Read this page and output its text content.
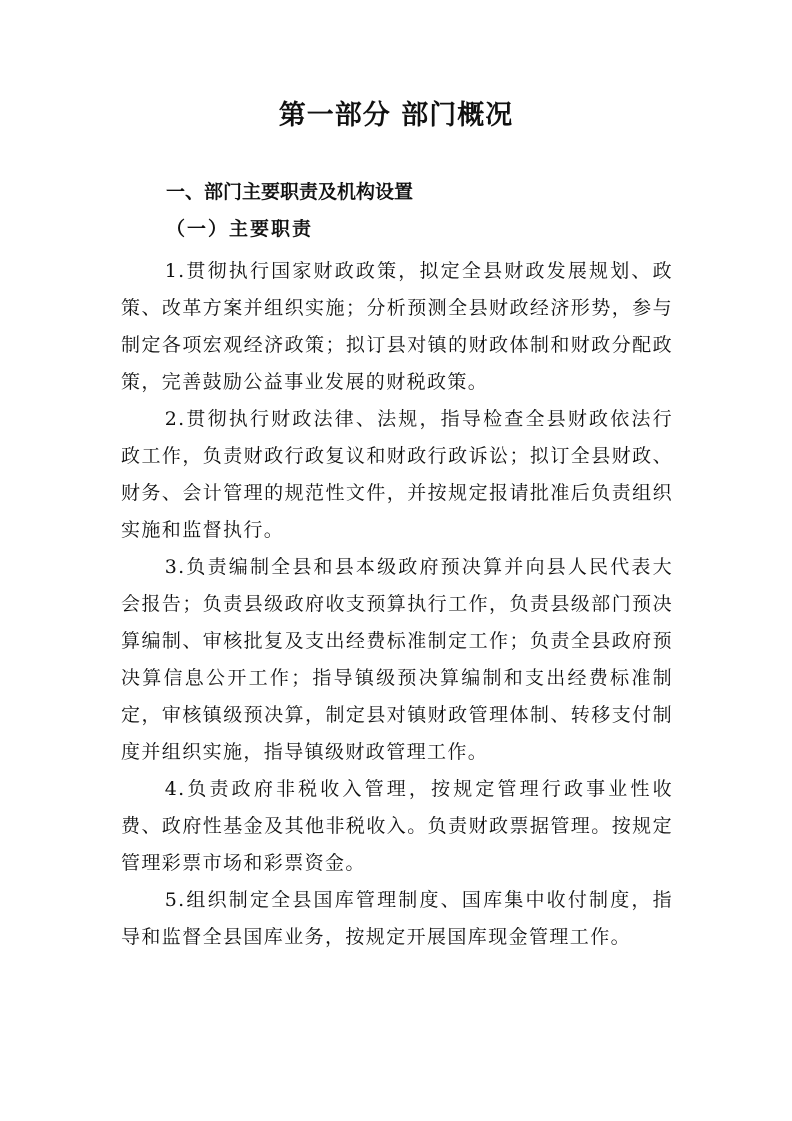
第一部分 部门概况
一、部门主要职责及机构设置
（一）主要职责

1.贯彻执行国家财政政策，拟定全县财政发展规划、政策、改革方案并组织实施；分析预测全县财政经济形势，参与制定各项宏观经济政策；拟订县对镇的财政体制和财政分配政策，完善鼓励公益事业发展的财税政策。

2.贯彻执行财政法律、法规，指导检查全县财政依法行政工作，负责财政行政复议和财政行政诉讼；拟订全县财政、财务、会计管理的规范性文件，并按规定报请批准后负责组织实施和监督执行。

3.负责编制全县和县本级政府预决算并向县人民代表大会报告；负责县级政府收支预算执行工作，负责县级部门预决算编制、审核批复及支出经费标准制定工作；负责全县政府预决算信息公开工作；指导镇级预决算编制和支出经费标准制定，审核镇级预决算，制定县对镇财政管理体制、转移支付制度并组织实施，指导镇级财政管理工作。

4.负责政府非税收入管理，按规定管理行政事业性收费、政府性基金及其他非税收入。负责财政票据管理。按规定管理彩票市场和彩票资金。

5.组织制定全县国库管理制度、国库集中收付制度，指导和监督全县国库业务，按规定开展国库现金管理工作。
